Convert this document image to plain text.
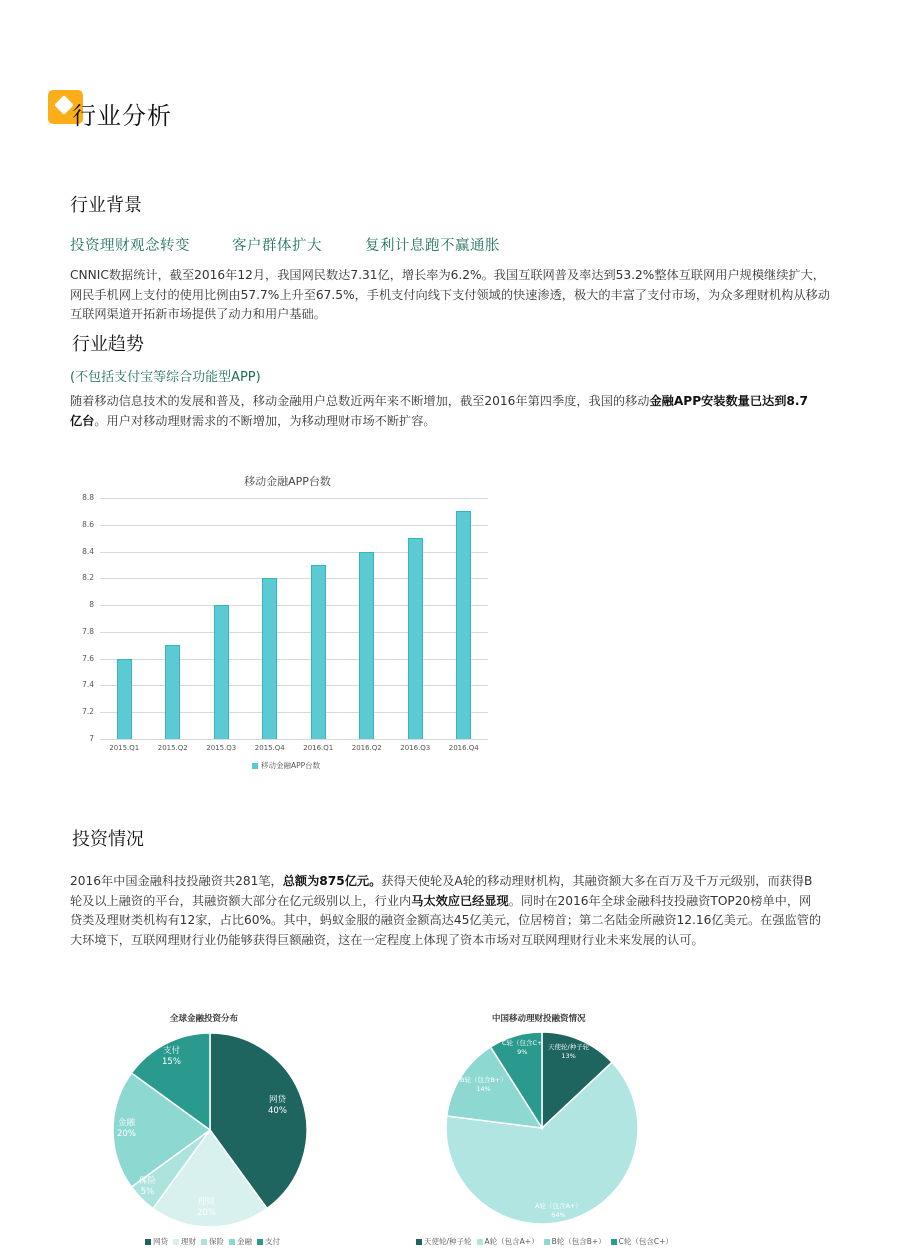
行业分析
行业背景
投资理财观念转变	客户群体扩大	复利计息跑不赢通胀
CNNIC数据统计，截至2016年12月，我国网民数达7.31亿，增长率为6.2%。我国互联网普及率达到53.2%整体互联网用户规模继续扩大，网民手机网上支付的使用比例由57.7%上升至67.5%，手机支付向线下支付领域的快速渗透，极大的丰富了支付市场，为众多理财机构从移动互联网渠道开拓新市场提供了动力和用户基础。
行业趋势
(不包括支付宝等综合功能型APP)
随着移动信息技术的发展和普及，移动金融用户总数近两年来不断增加，截至2016年第四季度，我国的移动金融APP安装数量已达到8.7亿台。用户对移动理财需求的不断增加，为移动理财市场不断扩容。
移动金融APP台数
8.8
8.6
8.4
8.2
8
7.8
7.6
7.4
7.2
7
2015.Q1	2015.Q2	2015.Q3	2015.Q4	2016.Q1	2016.Q2	2016.Q3	2016.Q4
移动金融APP台数
投资情况
2016年中国金融科技投融资共281笔，总额为875亿元。获得天使轮及A轮的移动理财机构，其融资额大多在百万及千万元级别，而获得B轮及以上融资的平台，其融资额大部分在亿元级别以上，行业内马太效应已经显现。同时在2016年全球金融科技投融资TOP20榜单中，网贷类及理财类机构有12家，占比60%。其中，蚂蚁金服的融资金额高达45亿美元，位居榜首；第二名陆金所融资12.16亿美元。在强监管的大环境下，互联网理财行业仍能够获得巨额融资，这在一定程度上体现了资本市场对互联网理财行业未来发展的认可。
全球金融投资分布
网贷
40%
理财
20%
保险
5%
金融
20%
支付
15%
网贷 理财 保险 金融 支付
中国移动理财投融资情况
天使轮/种子轮
13%
A轮（包含A+）
64%
B轮（包含B+）
14%
C轮（包含C+
9%
天使轮/种子轮 A轮（包含A+） B轮（包含B+） C轮（包含C+）
